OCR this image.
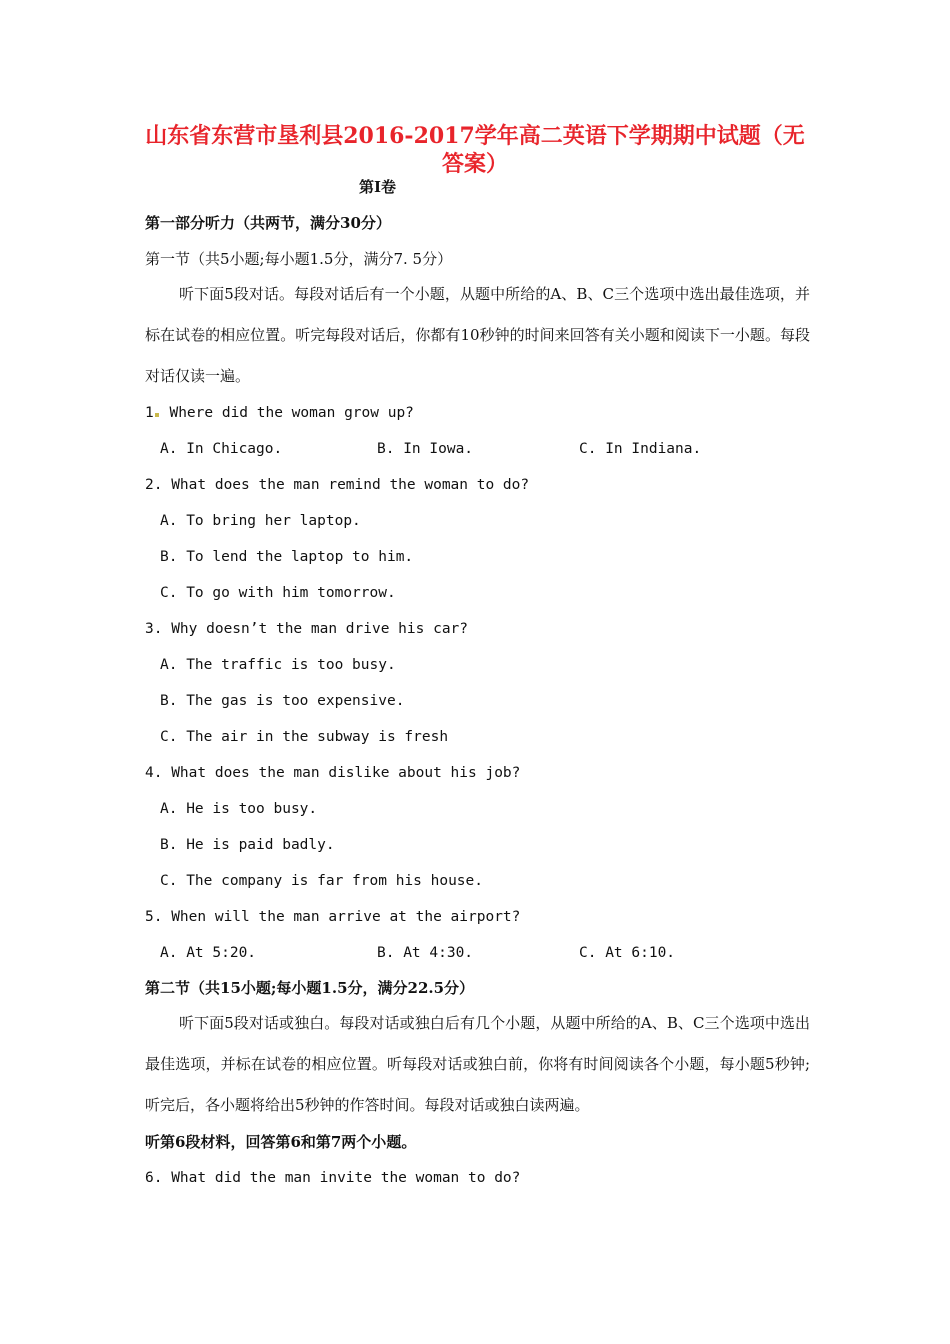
山东省东营市垦利县2016-2017学年高二英语下学期期中试题（无答案）
第Ⅰ卷
第一部分听力（共两节，满分30分）
第一节（共5小题;每小题1.5分，满分7. 5分）
听下面5段对话。每段对话后有一个小题，从题中所给的A、B、C三个选项中选出最佳选项，并标在试卷的相应位置。听完每段对话后，你都有10秒钟的时间来回答有关小题和阅读下一小题。每段对话仅读一遍。
1 Where did the woman grow up?
A. In Chicago.	B. In Iowa.	C. In Indiana.
2. What does the man remind the woman to do?
A. To bring her laptop.
B. To lend the laptop to him.
C. To go with him tomorrow.
3. Why doesn’t the man drive his car?
A. The traffic is too busy.
B. The gas is too expensive.
C. The air in the subway is fresh
4. What does the man dislike about his job?
A. He is too busy.
B. He is paid badly.
C. The company is far from his house.
5. When will the man arrive at the airport?
A. At 5:20.	B. At 4:30.	C. At 6:10.
第二节（共15小题;每小题1.5分，满分22.5分）
听下面5段对话或独白。每段对话或独白后有几个小题，从题中所给的A、B、C三个选项中选出最佳选项，并标在试卷的相应位置。听每段对话或独白前，你将有时间阅读各个小题，每小题5秒钟;听完后，各小题将给出5秒钟的作答时间。每段对话或独白读两遍。
听第6段材料，回答第6和第7两个小题。
6. What did the man invite the woman to do?
